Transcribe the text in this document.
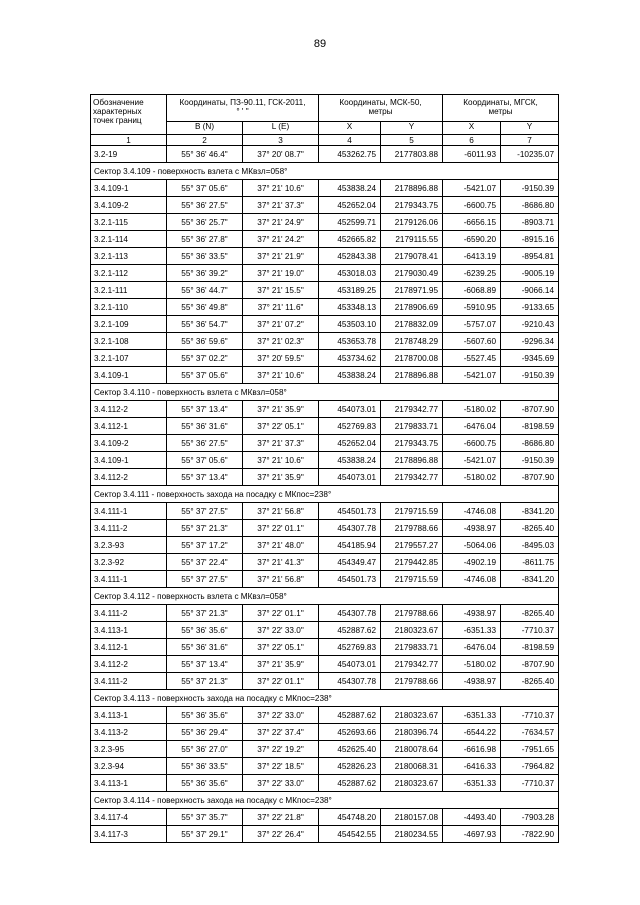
89
Обозначение характерных точек границ	Координаты, ПЗ-90.11, ГСК-2011,
° ' "		Координаты, МСК-50, метры		Координаты, МГСК, метры	
	B (N)	L (E)	X	Y	X	Y
1	2	3	4	5	6	7
3.2-19	55° 36' 46.4"	37° 20' 08.7"	453262.75	2177803.88	-6011.93	-10235.07
Сектор 3.4.109 - поверхность взлета с МКвзл=058°						
3.4.109-1	55° 37' 05.6"	37° 21' 10.6"	453838.24	2178896.88	-5421.07	-9150.39
3.4.109-2	55° 36' 27.5"	37° 21' 37.3"	452652.04	2179343.75	-6600.75	-8686.80
3.2.1-115	55° 36' 25.7"	37° 21' 24.9"	452599.71	2179126.06	-6656.15	-8903.71
3.2.1-114	55° 36' 27.8"	37° 21' 24.2"	452665.82	2179115.55	-6590.20	-8915.16
3.2.1-113	55° 36' 33.5"	37° 21' 21.9"	452843.38	2179078.41	-6413.19	-8954.81
3.2.1-112	55° 36' 39.2"	37° 21' 19.0"	453018.03	2179030.49	-6239.25	-9005.19
3.2.1-111	55° 36' 44.7"	37° 21' 15.5"	453189.25	2178971.95	-6068.89	-9066.14
3.2.1-110	55° 36' 49.8"	37° 21' 11.6"	453348.13	2178906.69	-5910.95	-9133.65
3.2.1-109	55° 36' 54.7"	37° 21' 07.2"	453503.10	2178832.09	-5757.07	-9210.43
3.2.1-108	55° 36' 59.6"	37° 21' 02.3"	453653.78	2178748.29	-5607.60	-9296.34
3.2.1-107	55° 37' 02.2"	37° 20' 59.5"	453734.62	2178700.08	-5527.45	-9345.69
3.4.109-1	55° 37' 05.6"	37° 21' 10.6"	453838.24	2178896.88	-5421.07	-9150.39
Сектор 3.4.110 - поверхность взлета с МКвзл=058°						
3.4.112-2	55° 37' 13.4"	37° 21' 35.9"	454073.01	2179342.77	-5180.02	-8707.90
3.4.112-1	55° 36' 31.6"	37° 22' 05.1"	452769.83	2179833.71	-6476.04	-8198.59
3.4.109-2	55° 36' 27.5"	37° 21' 37.3"	452652.04	2179343.75	-6600.75	-8686.80
3.4.109-1	55° 37' 05.6"	37° 21' 10.6"	453838.24	2178896.88	-5421.07	-9150.39
3.4.112-2	55° 37' 13.4"	37° 21' 35.9"	454073.01	2179342.77	-5180.02	-8707.90
Сектор 3.4.111 - поверхность захода на посадку с МКпос=238°						
3.4.111-1	55° 37' 27.5"	37° 21' 56.8"	454501.73	2179715.59	-4746.08	-8341.20
3.4.111-2	55° 37' 21.3"	37° 22' 01.1"	454307.78	2179788.66	-4938.97	-8265.40
3.2.3-93	55° 37' 17.2"	37° 21' 48.0"	454185.94	2179557.27	-5064.06	-8495.03
3.2.3-92	55° 37' 22.4"	37° 21' 41.3"	454349.47	2179442.85	-4902.19	-8611.75
3.4.111-1	55° 37' 27.5"	37° 21' 56.8"	454501.73	2179715.59	-4746.08	-8341.20
Сектор 3.4.112 - поверхность взлета с МКвзл=058°						
3.4.111-2	55° 37' 21.3"	37° 22' 01.1"	454307.78	2179788.66	-4938.97	-8265.40
3.4.113-1	55° 36' 35.6"	37° 22' 33.0"	452887.62	2180323.67	-6351.33	-7710.37
3.4.112-1	55° 36' 31.6"	37° 22' 05.1"	452769.83	2179833.71	-6476.04	-8198.59
3.4.112-2	55° 37' 13.4"	37° 21' 35.9"	454073.01	2179342.77	-5180.02	-8707.90
3.4.111-2	55° 37' 21.3"	37° 22' 01.1"	454307.78	2179788.66	-4938.97	-8265.40
Сектор 3.4.113 - поверхность захода на посадку с МКпос=238°						
3.4.113-1	55° 36' 35.6"	37° 22' 33.0"	452887.62	2180323.67	-6351.33	-7710.37
3.4.113-2	55° 36' 29.4"	37° 22' 37.4"	452693.66	2180396.74	-6544.22	-7634.57
3.2.3-95	55° 36' 27.0"	37° 22' 19.2"	452625.40	2180078.64	-6616.98	-7951.65
3.2.3-94	55° 36' 33.5"	37° 22' 18.5"	452826.23	2180068.31	-6416.33	-7964.82
3.4.113-1	55° 36' 35.6"	37° 22' 33.0"	452887.62	2180323.67	-6351.33	-7710.37
Сектор 3.4.114 - поверхность захода на посадку с МКпос=238°						
3.4.117-4	55° 37' 35.7"	37° 22' 21.8"	454748.20	2180157.08	-4493.40	-7903.28
3.4.117-3	55° 37' 29.1"	37° 22' 26.4"	454542.55	2180234.55	-4697.93	-7822.90
